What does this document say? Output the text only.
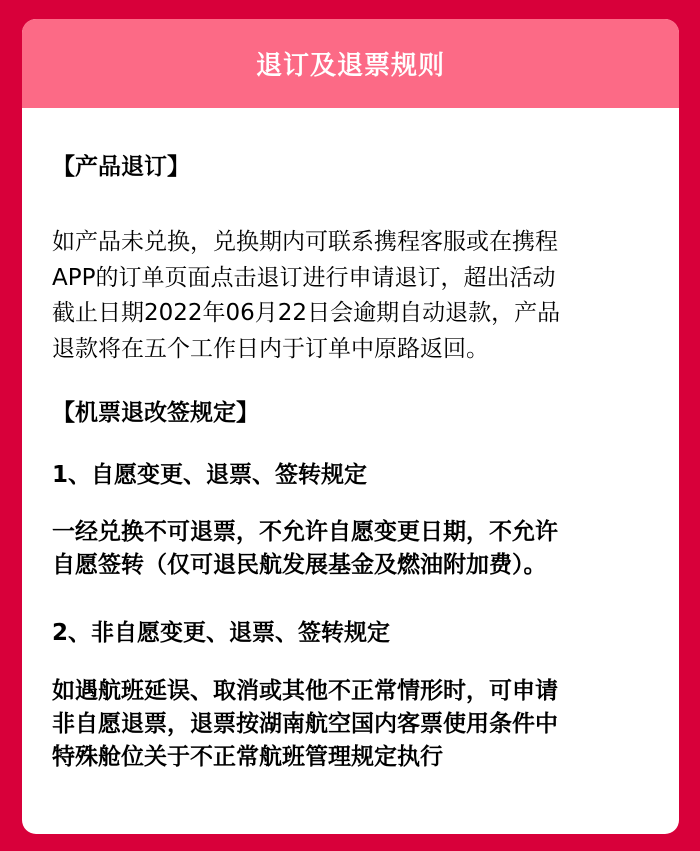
退订及退票规则
【产品退订】
如产品未兑换，兑换期内可联系携程客服或在携程
APP的订单页面点击退订进行申请退订，超出活动
截止日期2022年06月22日会逾期自动退款，产品
退款将在五个工作日内于订单中原路返回。
【机票退改签规定】
1、自愿变更、退票、签转规定
一经兑换不可退票，不允许自愿变更日期，不允许
自愿签转（仅可退民航发展基金及燃油附加费）。
2、非自愿变更、退票、签转规定
如遇航班延误、取消或其他不正常情形时，可申请
非自愿退票，退票按湖南航空国内客票使用条件中
特殊舱位关于不正常航班管理规定执行
